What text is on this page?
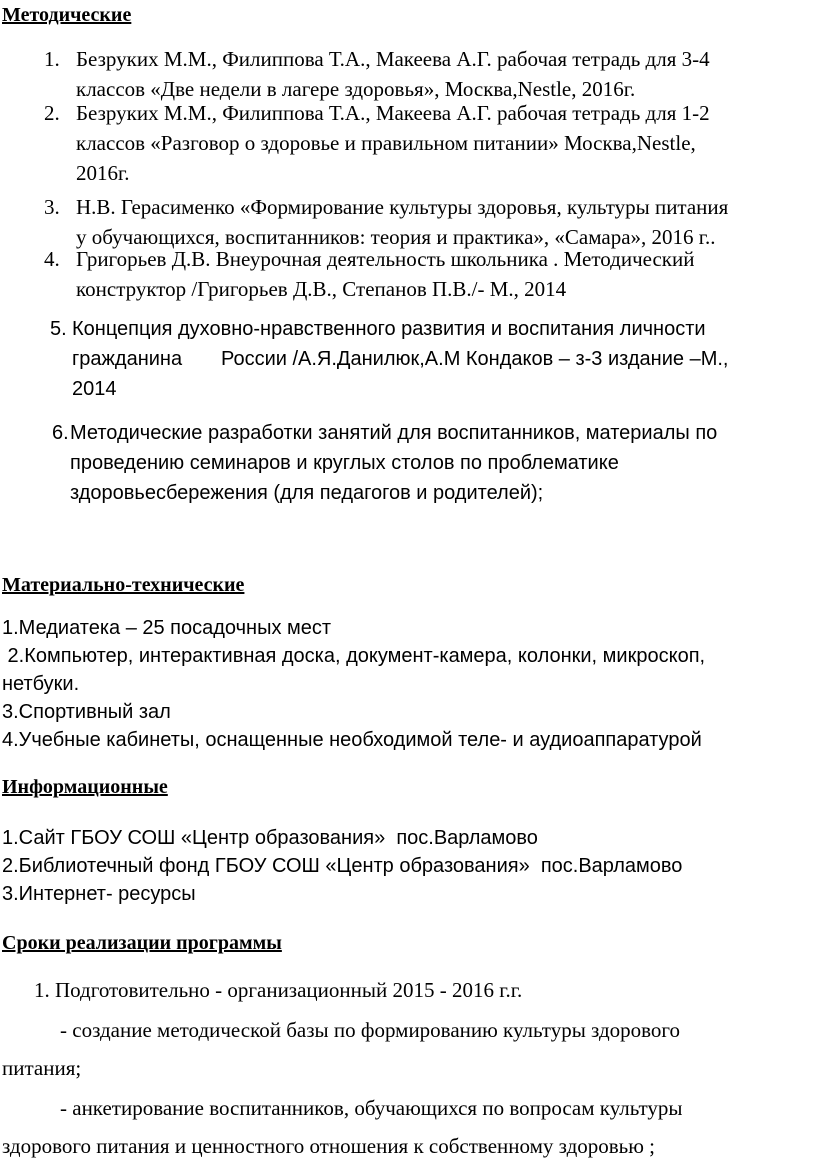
Методические
1. Безруких М.М., Филиппова Т.А., Макеева А.Г. рабочая тетрадь для 3-4
классов «Две недели в лагере здоровья», Москва,Nestle, 2016г.
2. Безруких М.М., Филиппова Т.А., Макеева А.Г. рабочая тетрадь для 1-2
классов «Разговор о здоровье и правильном питании» Москва,Nestle,
2016г.
3. Н.В. Герасименко «Формирование культуры здоровья, культуры питания
у обучающихся, воспитанников: теория и практика», «Самара», 2016 г..
4. Григорьев Д.В. Внеурочная деятельность школьника . Методический
конструктор /Григорьев Д.В., Степанов П.В./- М., 2014
5. Концепция духовно-нравственного развития и воспитания личности
гражданина       России /А.Я.Данилюк,А.М Кондаков – з-3 издание –М.,
2014
6. Методические разработки занятий для воспитанников, материалы по
проведению семинаров и круглых столов по проблематике
здоровьесбережения (для педагогов и родителей);
Материально-технические
1.Медиатека – 25 посадочных мест
2.Компьютер, интерактивная доска, документ-камера, колонки, микроскоп,
нетбуки.
3.Спортивный зал
4.Учебные кабинеты, оснащенные необходимой теле- и аудиоаппаратурой
Информационные
1.Сайт ГБОУ СОШ «Центр образования»  пос.Варламово
2.Библиотечный фонд ГБОУ СОШ «Центр образования»  пос.Варламово
3.Интернет- ресурсы
Сроки реализации программы
1. Подготовительно - организационный 2015 - 2016 г.г.
- создание методической базы по формированию культуры здорового
питания;
- анкетирование воспитанников, обучающихся по вопросам культуры
здорового питания и ценностного отношения к собственному здоровью ;
